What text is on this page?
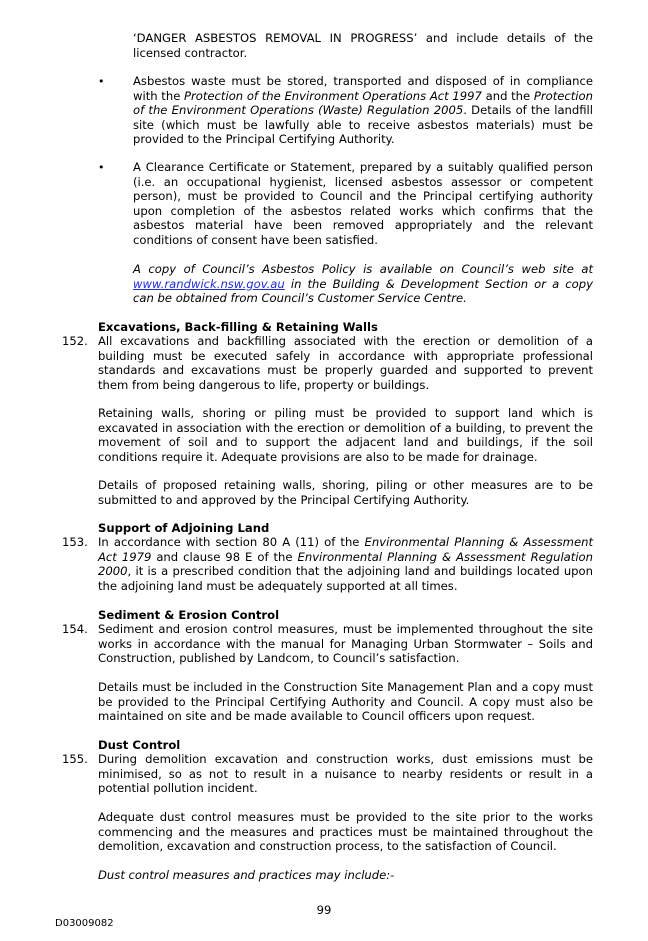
‘DANGER ASBESTOS REMOVAL IN PROGRESS’ and include details of the licensed contractor.

• Asbestos waste must be stored, transported and disposed of in compliance with the Protection of the Environment Operations Act 1997 and the Protection of the Environment Operations (Waste) Regulation 2005. Details of the landfill site (which must be lawfully able to receive asbestos materials) must be provided to the Principal Certifying Authority.

• A Clearance Certificate or Statement, prepared by a suitably qualified person (i.e. an occupational hygienist, licensed asbestos assessor or competent person), must be provided to Council and the Principal certifying authority upon completion of the asbestos related works which confirms that the asbestos material have been removed appropriately and the relevant conditions of consent have been satisfied.

A copy of Council’s Asbestos Policy is available on Council’s web site at www.randwick.nsw.gov.au in the Building & Development Section or a copy can be obtained from Council’s Customer Service Centre.

Excavations, Back-filling & Retaining Walls

152. All excavations and backfilling associated with the erection or demolition of a building must be executed safely in accordance with appropriate professional standards and excavations must be properly guarded and supported to prevent them from being dangerous to life, property or buildings.

Retaining walls, shoring or piling must be provided to support land which is excavated in association with the erection or demolition of a building, to prevent the movement of soil and to support the adjacent land and buildings, if the soil conditions require it. Adequate provisions are also to be made for drainage.

Details of proposed retaining walls, shoring, piling or other measures are to be submitted to and approved by the Principal Certifying Authority.

Support of Adjoining Land

153. In accordance with section 80 A (11) of the Environmental Planning & Assessment Act 1979 and clause 98 E of the Environmental Planning & Assessment Regulation 2000, it is a prescribed condition that the adjoining land and buildings located upon the adjoining land must be adequately supported at all times.

Sediment & Erosion Control

154. Sediment and erosion control measures, must be implemented throughout the site works in accordance with the manual for Managing Urban Stormwater – Soils and Construction, published by Landcom, to Council’s satisfaction.

Details must be included in the Construction Site Management Plan and a copy must be provided to the Principal Certifying Authority and Council. A copy must also be maintained on site and be made available to Council officers upon request.

Dust Control

155. During demolition excavation and construction works, dust emissions must be minimised, so as not to result in a nuisance to nearby residents or result in a potential pollution incident.

Adequate dust control measures must be provided to the site prior to the works commencing and the measures and practices must be maintained throughout the demolition, excavation and construction process, to the satisfaction of Council.

Dust control measures and practices may include:-

99
D03009082
